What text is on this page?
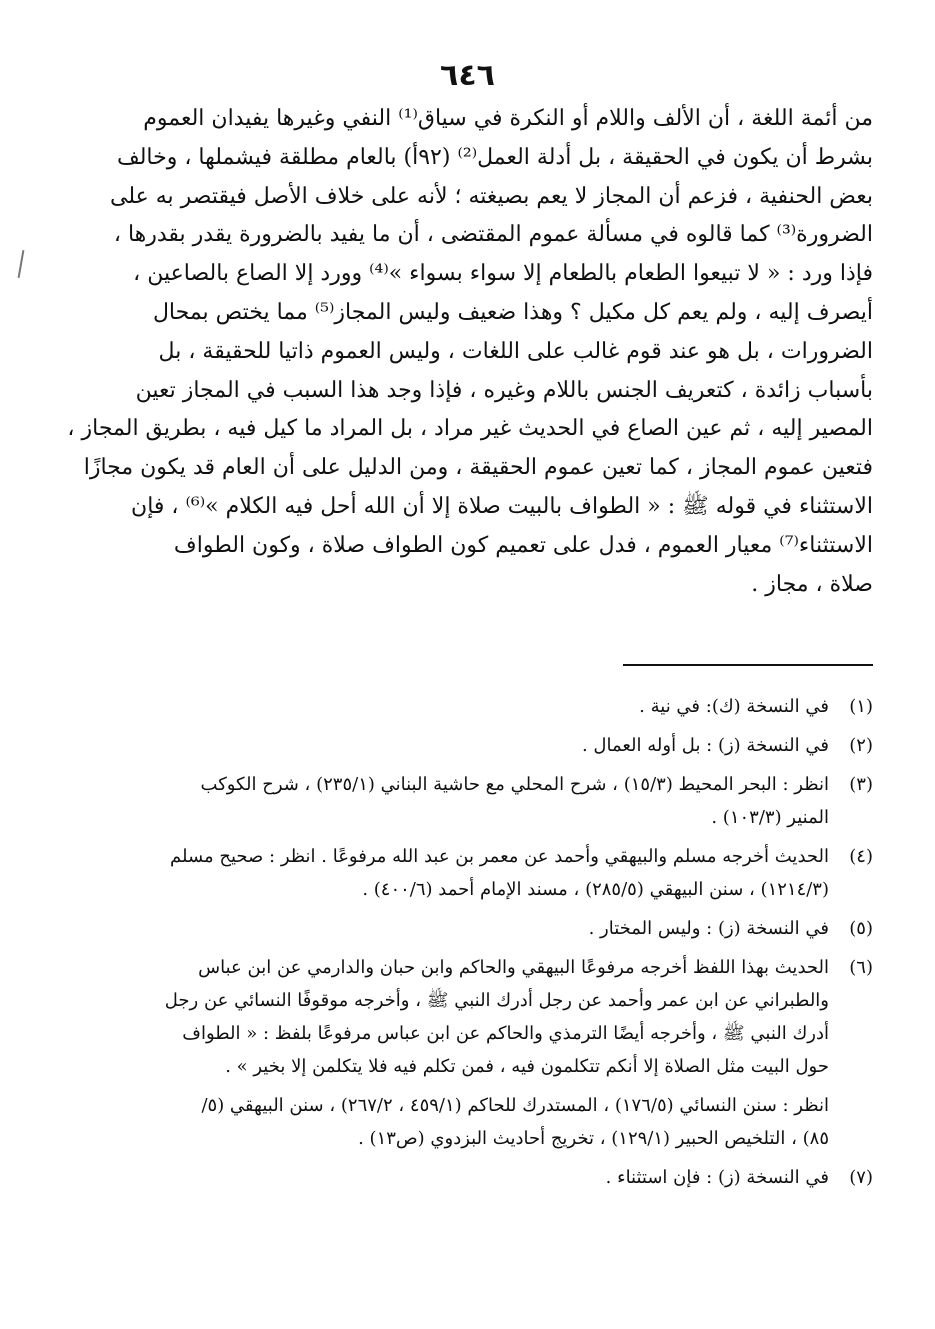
٦٤٦
من أئمة اللغة ، أن الألف واللام أو النكرة في سياق⁽¹⁾ النفي وغيرها يفيدان العموم
بشرط أن يكون في الحقيقة ، بل أدلة العمل⁽²⁾ (٩٢أ) بالعام مطلقة فيشملها ، وخالف
بعض الحنفية ، فزعم أن المجاز لا يعم بصيغته ؛ لأنه على خلاف الأصل فيقتصر به على
الضرورة⁽³⁾ كما قالوه في مسألة عموم المقتضى ، أن ما يفيد بالضرورة يقدر بقدرها ،
فإذا ورد : « لا تبيعوا الطعام بالطعام إلا سواء بسواء »⁽⁴⁾ وورد إلا الصاع بالصاعين ،
أيصرف إليه ، ولم يعم كل مكيل ؟ وهذا ضعيف وليس المجاز⁽⁵⁾ مما يختص بمحال
الضرورات ، بل هو عند قوم غالب على اللغات ، وليس العموم ذاتيا للحقيقة ، بل
بأسباب زائدة ، كتعريف الجنس باللام وغيره ، فإذا وجد هذا السبب في المجاز تعين
المصير إليه ، ثم عين الصاع في الحديث غير مراد ، بل المراد ما كيل فيه ، بطريق المجاز ،
فتعين عموم المجاز ، كما تعين عموم الحقيقة ، ومن الدليل على أن العام قد يكون مجازًا
الاستثناء في قوله ﷺ : « الطواف بالبيت صلاة إلا أن الله أحل فيه الكلام »⁽⁶⁾ ، فإن
الاستثناء⁽⁷⁾ معيار العموم ، فدل على تعميم كون الطواف صلاة ، وكون الطواف
صلاة ، مجاز .
(١)
في النسخة (ك): في نية .
(٢)
في النسخة (ز) : بل أوله العمال .
(٣)
انظر : البحر المحيط (١٥/٣) ، شرح المحلي مع حاشية البناني (٢٣٥/١) ، شرح الكوكب
المنير (١٠٣/٣) .
(٤)
الحديث أخرجه مسلم والبيهقي وأحمد عن معمر بن عبد الله مرفوعًا . انظر : صحيح مسلم
(١٢١٤/٣) ، سنن البيهقي (٢٨٥/٥) ، مسند الإمام أحمد (٤٠٠/٦) .
(٥)
في النسخة (ز) : وليس المختار .
(٦)
الحديث بهذا اللفظ أخرجه مرفوعًا البيهقي والحاكم وابن حبان والدارمي عن ابن عباس
والطبراني عن ابن عمر وأحمد عن رجل أدرك النبي ﷺ ، وأخرجه موقوفًا النسائي عن رجل
أدرك النبي ﷺ ، وأخرجه أيضًا الترمذي والحاكم عن ابن عباس مرفوعًا بلفظ : « الطواف
حول البيت مثل الصلاة إلا أنكم تتكلمون فيه ، فمن تكلم فيه فلا يتكلمن إلا بخير » .
انظر : سنن النسائي (١٧٦/٥) ، المستدرك للحاكم (٤٥٩/١ ، ٢٦٧/٢) ، سنن البيهقي (٥/
٨٥) ، التلخيص الحبير (١٢٩/١) ، تخريج أحاديث البزدوي (ص١٣) .
(٧)
في النسخة (ز) : فإن استثناء .
